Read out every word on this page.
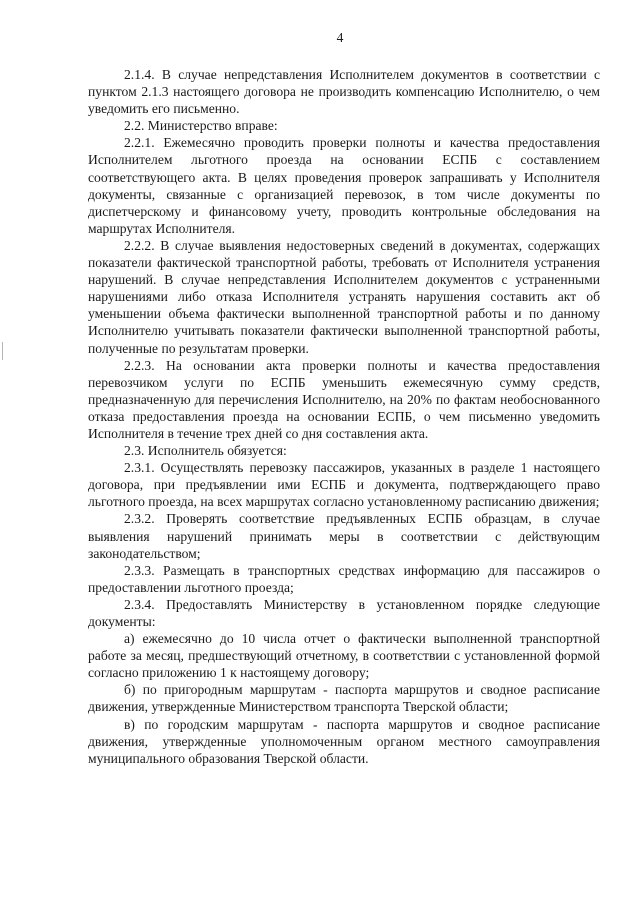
4

2.1.4. В случае непредставления Исполнителем документов в соответствии с пунктом 2.1.3 настоящего договора не производить компенсацию Исполнителю, о чем уведомить его письменно.

2.2. Министерство вправе:

2.2.1. Ежемесячно проводить проверки полноты и качества предоставления Исполнителем льготного проезда на основании ЕСПБ с составлением соответствующего акта. В целях проведения проверок запрашивать у Исполнителя документы, связанные с организацией перевозок, в том числе документы по диспетчерскому и финансовому учету, проводить контрольные обследования на маршрутах Исполнителя.

2.2.2. В случае выявления недостоверных сведений в документах, содержащих показатели фактической транспортной работы, требовать от Исполнителя устранения нарушений. В случае непредставления Исполнителем документов с устраненными нарушениями либо отказа Исполнителя устранять нарушения составить акт об уменьшении объема фактически выполненной транспортной работы и по данному Исполнителю учитывать показатели фактически выполненной транспортной работы, полученные по результатам проверки.

2.2.3. На основании акта проверки полноты и качества предоставления перевозчиком услуги по ЕСПБ уменьшить ежемесячную сумму средств, предназначенную для перечисления Исполнителю, на 20% по фактам необоснованного отказа предоставления проезда на основании ЕСПБ, о чем письменно уведомить Исполнителя в течение трех дней со дня составления акта.

2.3. Исполнитель обязуется:

2.3.1. Осуществлять перевозку пассажиров, указанных в разделе 1 настоящего договора, при предъявлении ими ЕСПБ и документа, подтверждающего право льготного проезда, на всех маршрутах согласно установленному расписанию движения;

2.3.2. Проверять соответствие предъявленных ЕСПБ образцам, в случае выявления нарушений принимать меры в соответствии с действующим законодательством;

2.3.3. Размещать в транспортных средствах информацию для пассажиров о предоставлении льготного проезда;

2.3.4. Предоставлять Министерству в установленном порядке следующие документы:

а) ежемесячно до 10 числа отчет о фактически выполненной транспортной работе за месяц, предшествующий отчетному, в соответствии с установленной формой согласно приложению 1 к настоящему договору;

б) по пригородным маршрутам - паспорта маршрутов и сводное расписание движения, утвержденные Министерством транспорта Тверской области;

в) по городским маршрутам - паспорта маршрутов и сводное расписание движения, утвержденные уполномоченным органом местного самоуправления муниципального образования Тверской области.
